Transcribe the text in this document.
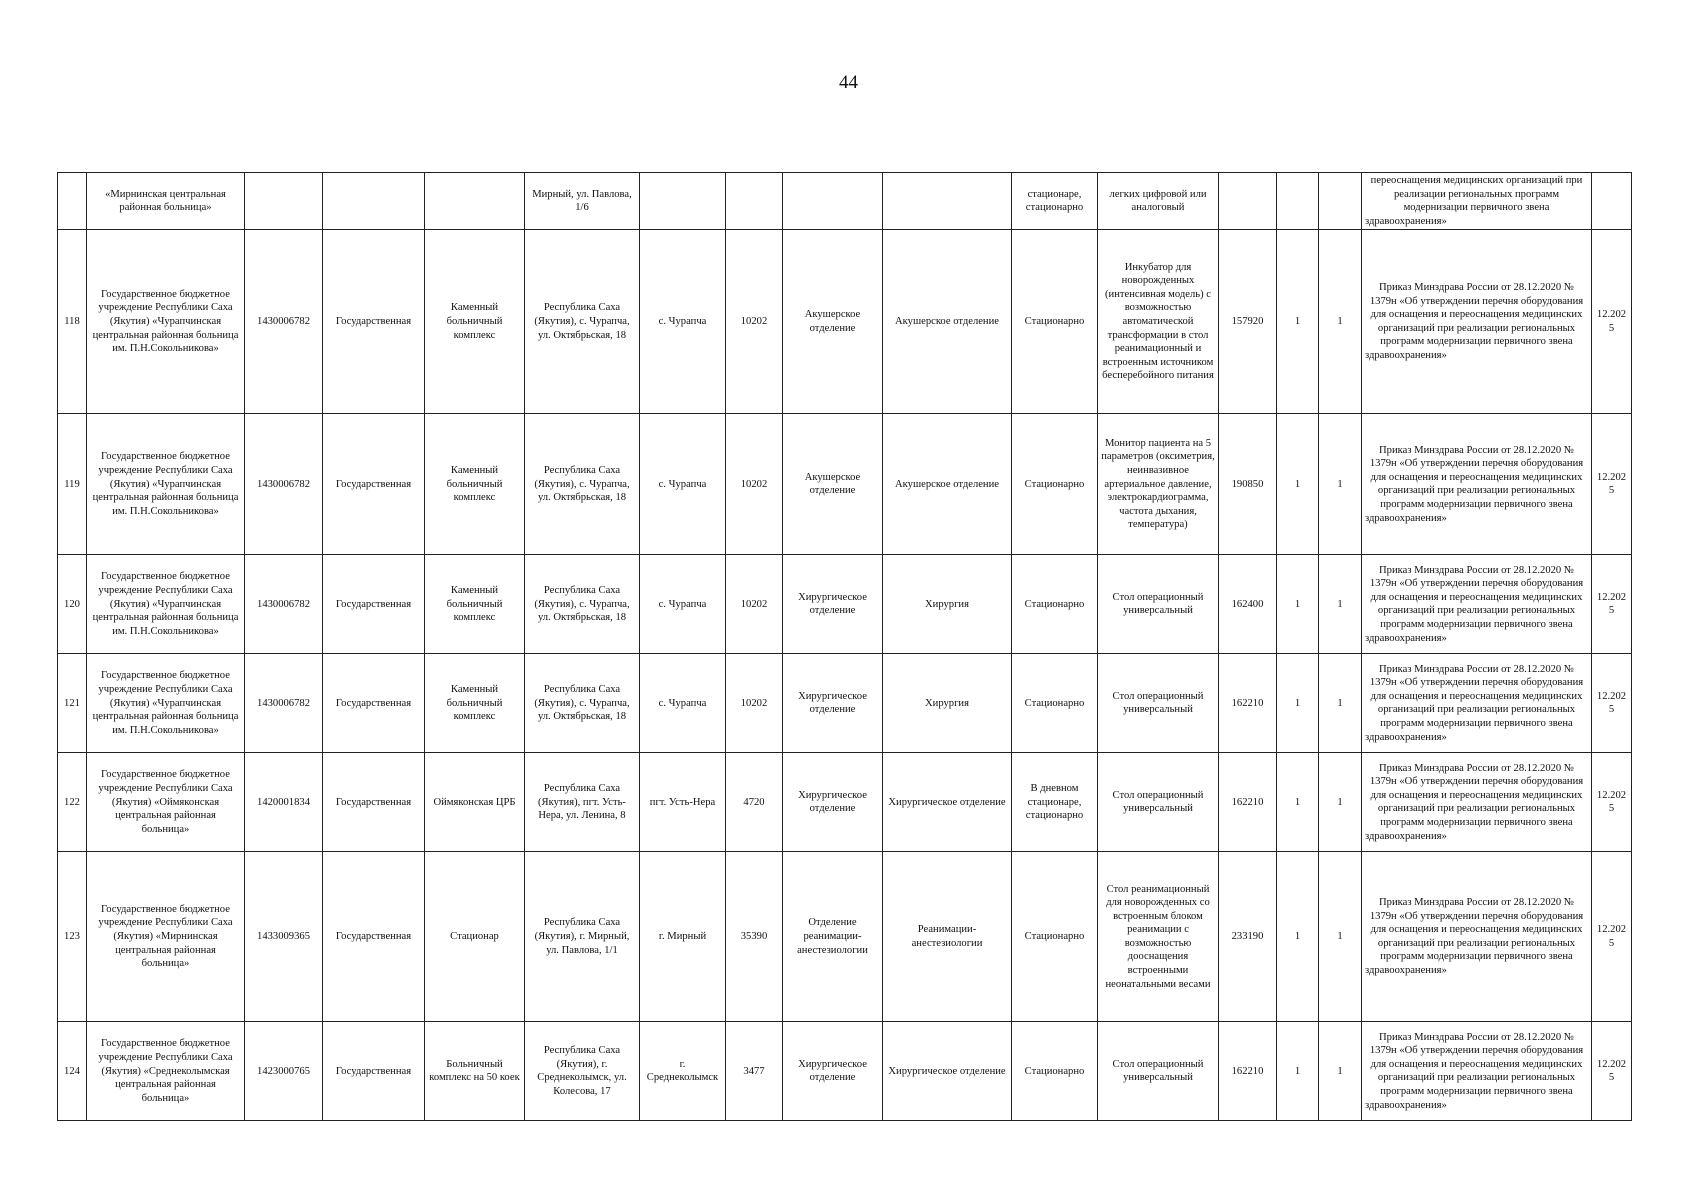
44
	«Мирнинская центральная районная больница»				Мирный, ул. Павлова, 1/6					стационаре, стационарно	легких цифровой или аналоговый				переоснащения медицинских организаций при реализации региональных программ модернизации первичного звена здравоохранения»	
118	Государственное бюджетное учреждение Республики Саха (Якутия) «Чурапчинская центральная районная больница им. П.Н.Сокольникова»	1430006782	Государственная	Каменный больничный комплекс	Республика Саха (Якутия), с. Чурапча, ул. Октябрьская, 18	с. Чурапча	10202	Акушерское отделение	Акушерское отделение	Стационарно	Инкубатор для новорожденных (интенсивная модель) с возможностью автоматической трансформации в стол реанимационный и встроенным источником бесперебойного питания	157920	1	1	Приказ Минздрава России от 28.12.2020 № 1379н «Об утверждении перечня оборудования для оснащения и переоснащения медицинских организаций при реализации региональных программ модернизации первичного звена здравоохранения»	12.2025
119	Государственное бюджетное учреждение Республики Саха (Якутия) «Чурапчинская центральная районная больница им. П.Н.Сокольникова»	1430006782	Государственная	Каменный больничный комплекс	Республика Саха (Якутия), с. Чурапча, ул. Октябрьская, 18	с. Чурапча	10202	Акушерское отделение	Акушерское отделение	Стационарно	Монитор пациента на 5 параметров (оксиметрия, неинвазивное артериальное давление, электрокардиограмма, частота дыхания, температура)	190850	1	1	Приказ Минздрава России от 28.12.2020 № 1379н «Об утверждении перечня оборудования для оснащения и переоснащения медицинских организаций при реализации региональных программ модернизации первичного звена здравоохранения»	12.2025
120	Государственное бюджетное учреждение Республики Саха (Якутия) «Чурапчинская центральная районная больница им. П.Н.Сокольникова»	1430006782	Государственная	Каменный больничный комплекс	Республика Саха (Якутия), с. Чурапча, ул. Октябрьская, 18	с. Чурапча	10202	Хирургическое отделение	Хирургия	Стационарно	Стол операционный универсальный	162400	1	1	Приказ Минздрава России от 28.12.2020 № 1379н «Об утверждении перечня оборудования для оснащения и переоснащения медицинских организаций при реализации региональных программ модернизации первичного звена здравоохранения»	12.2025
121	Государственное бюджетное учреждение Республики Саха (Якутия) «Чурапчинская центральная районная больница им. П.Н.Сокольникова»	1430006782	Государственная	Каменный больничный комплекс	Республика Саха (Якутия), с. Чурапча, ул. Октябрьская, 18	с. Чурапча	10202	Хирургическое отделение	Хирургия	Стационарно	Стол операционный универсальный	162210	1	1	Приказ Минздрава России от 28.12.2020 № 1379н «Об утверждении перечня оборудования для оснащения и переоснащения медицинских организаций при реализации региональных программ модернизации первичного звена здравоохранения»	12.2025
122	Государственное бюджетное учреждение Республики Саха (Якутия) «Оймяконская центральная районная больница»	1420001834	Государственная	Оймяконская ЦРБ	Республика Саха (Якутия), пгт. Усть-Нера, ул. Ленина, 8	пгт. Усть-Нера	4720	Хирургическое отделение	Хирургическое отделение	В дневном стационаре, стационарно	Стол операционный универсальный	162210	1	1	Приказ Минздрава России от 28.12.2020 № 1379н «Об утверждении перечня оборудования для оснащения и переоснащения медицинских организаций при реализации региональных программ модернизации первичного звена здравоохранения»	12.2025
123	Государственное бюджетное учреждение Республики Саха (Якутия) «Мирнинская центральная районная больница»	1433009365	Государственная	Стационар	Республика Саха (Якутия), г. Мирный, ул. Павлова, 1/1	г. Мирный	35390	Отделение реанимации-анестезиологии	Реанимации-анестезиологии	Стационарно	Стол реанимационный для новорожденных со встроенным блоком реанимации с возможностью дооснащения встроенными неонатальными весами	233190	1	1	Приказ Минздрава России от 28.12.2020 № 1379н «Об утверждении перечня оборудования для оснащения и переоснащения медицинских организаций при реализации региональных программ модернизации первичного звена здравоохранения»	12.2025
124	Государственное бюджетное учреждение Республики Саха (Якутия) «Среднеколымская центральная районная больница»	1423000765	Государственная	Больничный комплекс на 50 коек	Республика Саха (Якутия), г. Среднеколымск, ул. Колесова, 17	г. Среднеколымск	3477	Хирургическое отделение	Хирургическое отделение	Стационарно	Стол операционный универсальный	162210	1	1	Приказ Минздрава России от 28.12.2020 № 1379н «Об утверждении перечня оборудования для оснащения и переоснащения медицинских организаций при реализации региональных программ модернизации первичного звена здравоохранения»	12.2025
